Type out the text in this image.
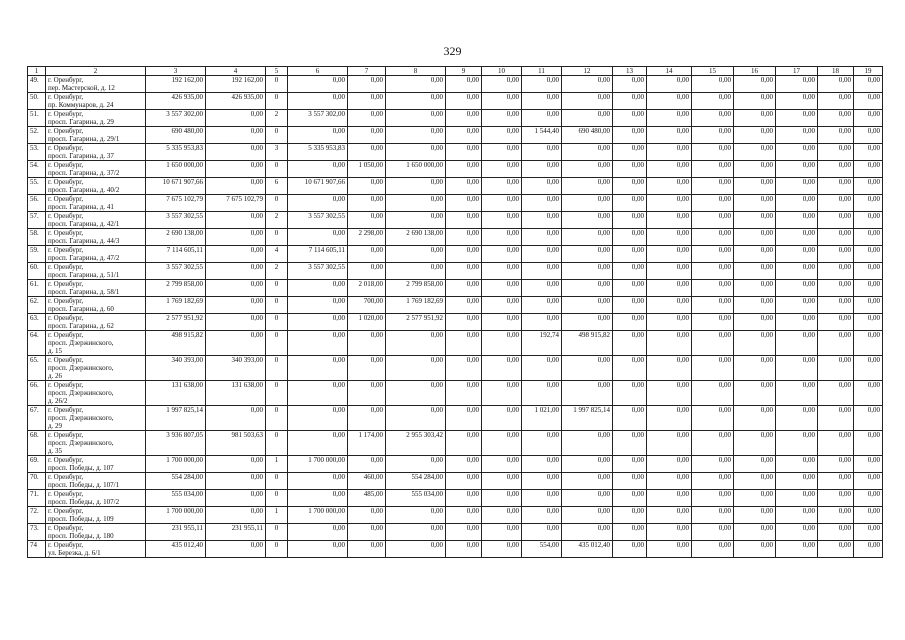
329
1	2	3	4	5	6	7	8	9	10	11	12	13	14	15	16	17	18	19
49.	г. Оренбург,
пер. Мастерской, д. 12	192 162,00	192 162,00	0	0,00	0,00	0,00	0,00	0,00	0,00	0,00	0,00	0,00	0,00	0,00	0,00	0,00	0,00
50.	г. Оренбург,
пр. Коммунаров, д. 24	426 935,00	426 935,00	0	0,00	0,00	0,00	0,00	0,00	0,00	0,00	0,00	0,00	0,00	0,00	0,00	0,00	0,00
51.	г. Оренбург,
просп. Гагарина, д. 29	3 557 302,00	0,00	2	3 557 302,00	0,00	0,00	0,00	0,00	0,00	0,00	0,00	0,00	0,00	0,00	0,00	0,00	0,00
52.	г. Оренбург,
просп. Гагарина, д. 29/1	690 480,00	0,00	0	0,00	0,00	0,00	0,00	0,00	1 544,40	690 480,00	0,00	0,00	0,00	0,00	0,00	0,00	0,00
53.	г. Оренбург,
просп. Гагарина, д. 37	5 335 953,83	0,00	3	5 335 953,83	0,00	0,00	0,00	0,00	0,00	0,00	0,00	0,00	0,00	0,00	0,00	0,00	0,00
54.	г. Оренбург,
просп. Гагарина, д. 37/2	1 650 000,00	0,00	0	0,00	1 050,00	1 650 000,00	0,00	0,00	0,00	0,00	0,00	0,00	0,00	0,00	0,00	0,00	0,00
55.	г. Оренбург,
просп. Гагарина, д. 40/2	10 671 907,66	0,00	6	10 671 907,66	0,00	0,00	0,00	0,00	0,00	0,00	0,00	0,00	0,00	0,00	0,00	0,00	0,00
56.	г. Оренбург,
просп. Гагарина, д. 41	7 675 102,79	7 675 102,79	0	0,00	0,00	0,00	0,00	0,00	0,00	0,00	0,00	0,00	0,00	0,00	0,00	0,00	0,00
57.	г. Оренбург,
просп. Гагарина, д. 42/1	3 557 302,55	0,00	2	3 557 302,55	0,00	0,00	0,00	0,00	0,00	0,00	0,00	0,00	0,00	0,00	0,00	0,00	0,00
58.	г. Оренбург,
просп. Гагарина, д. 44/3	2 690 138,00	0,00	0	0,00	2 298,00	2 690 138,00	0,00	0,00	0,00	0,00	0,00	0,00	0,00	0,00	0,00	0,00	0,00
59.	г. Оренбург,
просп. Гагарина, д. 47/2	7 114 605,11	0,00	4	7 114 605,11	0,00	0,00	0,00	0,00	0,00	0,00	0,00	0,00	0,00	0,00	0,00	0,00	0,00
60.	г. Оренбург,
просп. Гагарина, д. 51/1	3 557 302,55	0,00	2	3 557 302,55	0,00	0,00	0,00	0,00	0,00	0,00	0,00	0,00	0,00	0,00	0,00	0,00	0,00
61.	г. Оренбург,
просп. Гагарина, д. 58/1	2 799 858,00	0,00	0	0,00	2 018,00	2 799 858,00	0,00	0,00	0,00	0,00	0,00	0,00	0,00	0,00	0,00	0,00	0,00
62.	г. Оренбург,
просп. Гагарина, д. 60	1 769 182,69	0,00	0	0,00	700,00	1 769 182,69	0,00	0,00	0,00	0,00	0,00	0,00	0,00	0,00	0,00	0,00	0,00
63.	г. Оренбург,
просп. Гагарина, д. 62	2 577 951,92	0,00	0	0,00	1 020,00	2 577 951,92	0,00	0,00	0,00	0,00	0,00	0,00	0,00	0,00	0,00	0,00	0,00
64.	г. Оренбург,
просп. Дзержинского,
д. 15	498 915,82	0,00	0	0,00	0,00	0,00	0,00	0,00	192,74	498 915,82	0,00	0,00	0,00	0,00	0,00	0,00	0,00
65.	г. Оренбург,
просп. Дзержинского,
д. 26	340 393,00	340 393,00	0	0,00	0,00	0,00	0,00	0,00	0,00	0,00	0,00	0,00	0,00	0,00	0,00	0,00	0,00
66.	г. Оренбург,
просп. Дзержинского,
д. 26/2	131 638,00	131 638,00	0	0,00	0,00	0,00	0,00	0,00	0,00	0,00	0,00	0,00	0,00	0,00	0,00	0,00	0,00
67.	г. Оренбург,
просп. Дзержинского,
д. 29	1 997 825,14	0,00	0	0,00	0,00	0,00	0,00	0,00	1 021,00	1 997 825,14	0,00	0,00	0,00	0,00	0,00	0,00	0,00
68.	г. Оренбург,
просп. Дзержинского,
д. 35	3 936 807,05	981 503,63	0	0,00	1 174,00	2 955 303,42	0,00	0,00	0,00	0,00	0,00	0,00	0,00	0,00	0,00	0,00	0,00
69.	г. Оренбург,
просп. Победы, д. 107	1 700 000,00	0,00	1	1 700 000,00	0,00	0,00	0,00	0,00	0,00	0,00	0,00	0,00	0,00	0,00	0,00	0,00	0,00
70.	г. Оренбург,
просп. Победы, д. 107/1	554 284,00	0,00	0	0,00	460,00	554 284,00	0,00	0,00	0,00	0,00	0,00	0,00	0,00	0,00	0,00	0,00	0,00
71.	г. Оренбург,
просп. Победы, д. 107/2	555 034,00	0,00	0	0,00	485,00	555 034,00	0,00	0,00	0,00	0,00	0,00	0,00	0,00	0,00	0,00	0,00	0,00
72.	г. Оренбург,
просп. Победы, д. 109	1 700 000,00	0,00	1	1 700 000,00	0,00	0,00	0,00	0,00	0,00	0,00	0,00	0,00	0,00	0,00	0,00	0,00	0,00
73.	г. Оренбург,
просп. Победы, д. 180	231 955,11	231 955,11	0	0,00	0,00	0,00	0,00	0,00	0,00	0,00	0,00	0,00	0,00	0,00	0,00	0,00	0,00
74	г. Оренбург,
ул. Березка, д. 6/1	435 012,40	0,00	0	0,00	0,00	0,00	0,00	0,00	554,00	435 012,40	0,00	0,00	0,00	0,00	0,00	0,00	0,00
